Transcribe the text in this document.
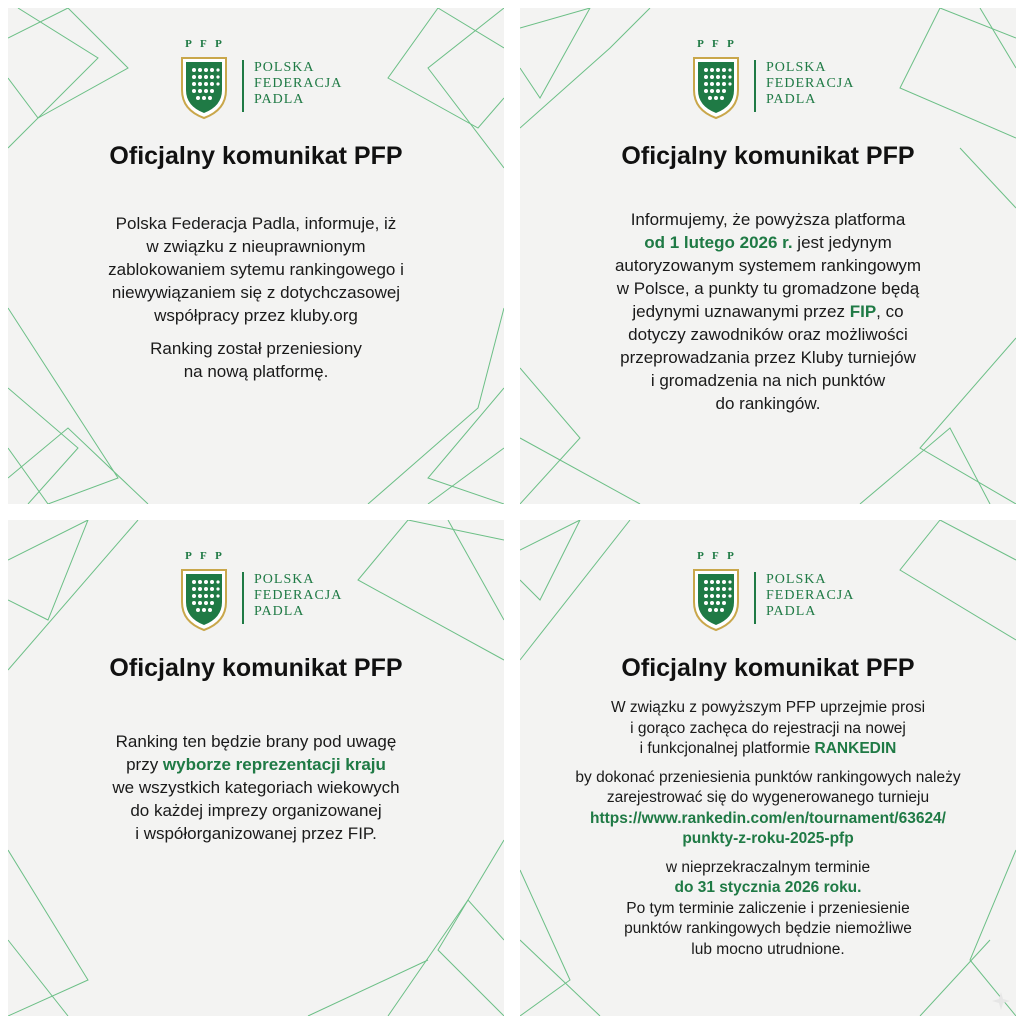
P F P
POLSKA
FEDERACJA
PADLA
Oficjalny komunikat PFP

Polska Federacja Padla, informuje, iż

w związku z nieuprawnionym

zablokowaniem sytemu rankingowego i

niewywiązaniem się z dotychczasowej

współpracy przez kluby.org

Ranking został przeniesiony

na nową platformę.

P F P
POLSKA
FEDERACJA
PADLA
Oficjalny komunikat PFP

Informujemy, że powyższa platforma

od 1 lutego 2026 r. jest jedynym

autoryzowanym systemem rankingowym

w Polsce, a punkty tu gromadzone będą

jedynymi uznawanymi przez FIP, co

dotyczy zawodników oraz możliwości

przeprowadzania przez Kluby turniejów

i gromadzenia na nich punktów

do rankingów.

P F P
POLSKA
FEDERACJA
PADLA
Oficjalny komunikat PFP

Ranking ten będzie brany pod uwagę

przy wyborze reprezentacji kraju

we wszystkich kategoriach wiekowych

do każdej imprezy organizowanej

i współorganizowanej przez FIP.

P F P
POLSKA
FEDERACJA
PADLA
Oficjalny komunikat PFP

W związku z powyższym PFP uprzejmie prosi

i gorąco zachęca do rejestracji na nowej

i funkcjonalnej platformie RANKEDIN

by dokonać przeniesienia punktów rankingowych należy

zarejestrować się do wygenerowanego turnieju

https://www.rankedin.com/en/tournament/63624/

punkty-z-roku-2025-pfp

w nieprzekraczalnym terminie

do 31 stycznia 2026 roku.

Po tym terminie zaliczenie i przeniesienie

punktów rankingowych będzie niemożliwe

lub mocno utrudnione.
